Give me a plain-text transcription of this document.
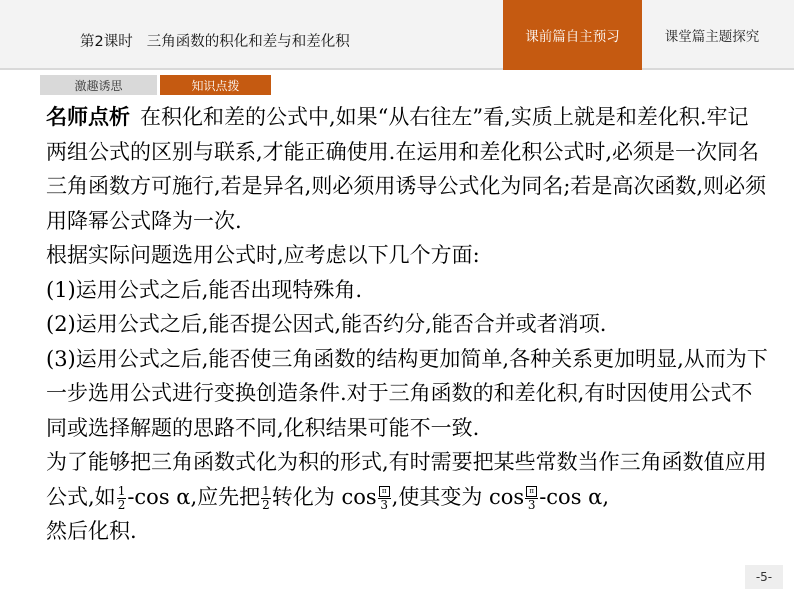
第2课时 三角函数的积化和差与和差化积	课前篇自主预习	课堂篇主题探究
激趣诱思	知识点拨

名师点析 在积化和差的公式中,如果“从右往左”看,实质上就是和差化积.牢记两组公式的区别与联系,才能正确使用.在运用和差化积公式时,必须是一次同名三角函数方可施行,若是异名,则必须用诱导公式化为同名;若是高次函数,则必须用降幂公式降为一次.

根据实际问题选用公式时,应考虑以下几个方面:

(1)运用公式之后,能否出现特殊角.

(2)运用公式之后,能否提公因式,能否约分,能否合并或者消项.

(3)运用公式之后,能否使三角函数的结构更加简单,各种关系更加明显,从而为下一步选用公式进行变换创造条件.对于三角函数的和差化积,有时因使用公式不同或选择解题的思路不同,化积结果可能不一致.

为了能够把三角函数式化为积的形式,有时需要把某些常数当作三角函数值应用公式,如 $\frac{1}{2} -\cos$ α,应先把 $\frac{1}{2}$ 转化为 $\cos \frac{\pi}{3}$ ,使其变为 $\cos \frac{\pi}{3} -\cos$ α,

然后化积.

-5-
